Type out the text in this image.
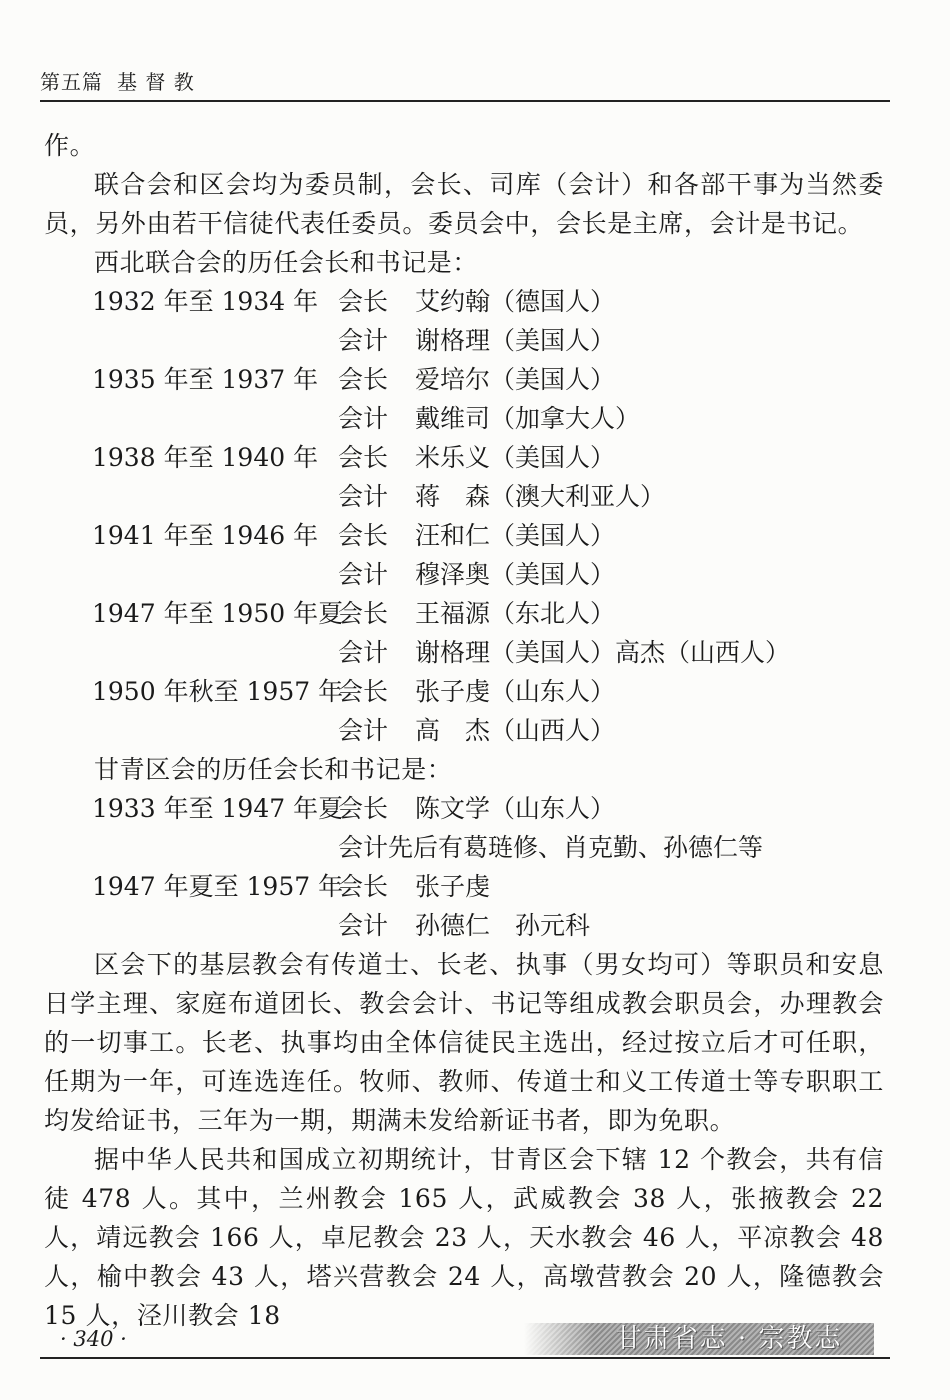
第五篇 基 督 教

作。

联合会和区会均为委员制，会长、司库（会计）和各部干事为当然委员，另外由若干信徒代表任委员。委员会中，会长是主席，会计是书记。

西北联合会的历任会长和书记是：

1932 年至 1934 年 会长 艾约翰（德国人）
会计 谢格理（美国人）
1935 年至 1937 年 会长 爱培尔（美国人）
会计 戴维司（加拿大人）
1938 年至 1940 年 会长 米乐义（美国人）
会计 蒋　森（澳大利亚人）
1941 年至 1946 年 会长 汪和仁（美国人）
会计 穆泽奥（美国人）
1947 年至 1950 年夏
会长 王福源（东北人）
会计 谢格理（美国人）高杰（山西人）
1950 年秋至 1957 年
会长 张子虔（山东人）
会计 高　杰（山西人）

甘青区会的历任会长和书记是：

1933 年至 1947 年夏
会长 陈文学（山东人）
会计先后有葛琏修、肖克勤、孙德仁等
1947 年夏至 1957 年
会长 张子虔
会计 孙德仁　孙元科

区会下的基层教会有传道士、长老、执事（男女均可）等职员和安息日学主理、家庭布道团长、教会会计、书记等组成教会职员会，办理教会的一切事工。长老、执事均由全体信徒民主选出，经过按立后才可任职，任期为一年，可连选连任。牧师、教师、传道士和义工传道士等专职职工均发给证书，三年为一期，期满未发给新证书者，即为免职。

据中华人民共和国成立初期统计，甘青区会下辖 12 个教会，共有信徒 478 人。其中，兰州教会 165 人，武威教会 38 人，张掖教会 22 人，靖远教会 166 人，卓尼教会 23 人，天水教会 46 人，平凉教会 48 人，榆中教会 43 人，塔兴营教会 24 人，高墩营教会 20 人，隆德教会 15 人，泾川教会 18

· 340 ·	甘肃省志 · 宗教志
